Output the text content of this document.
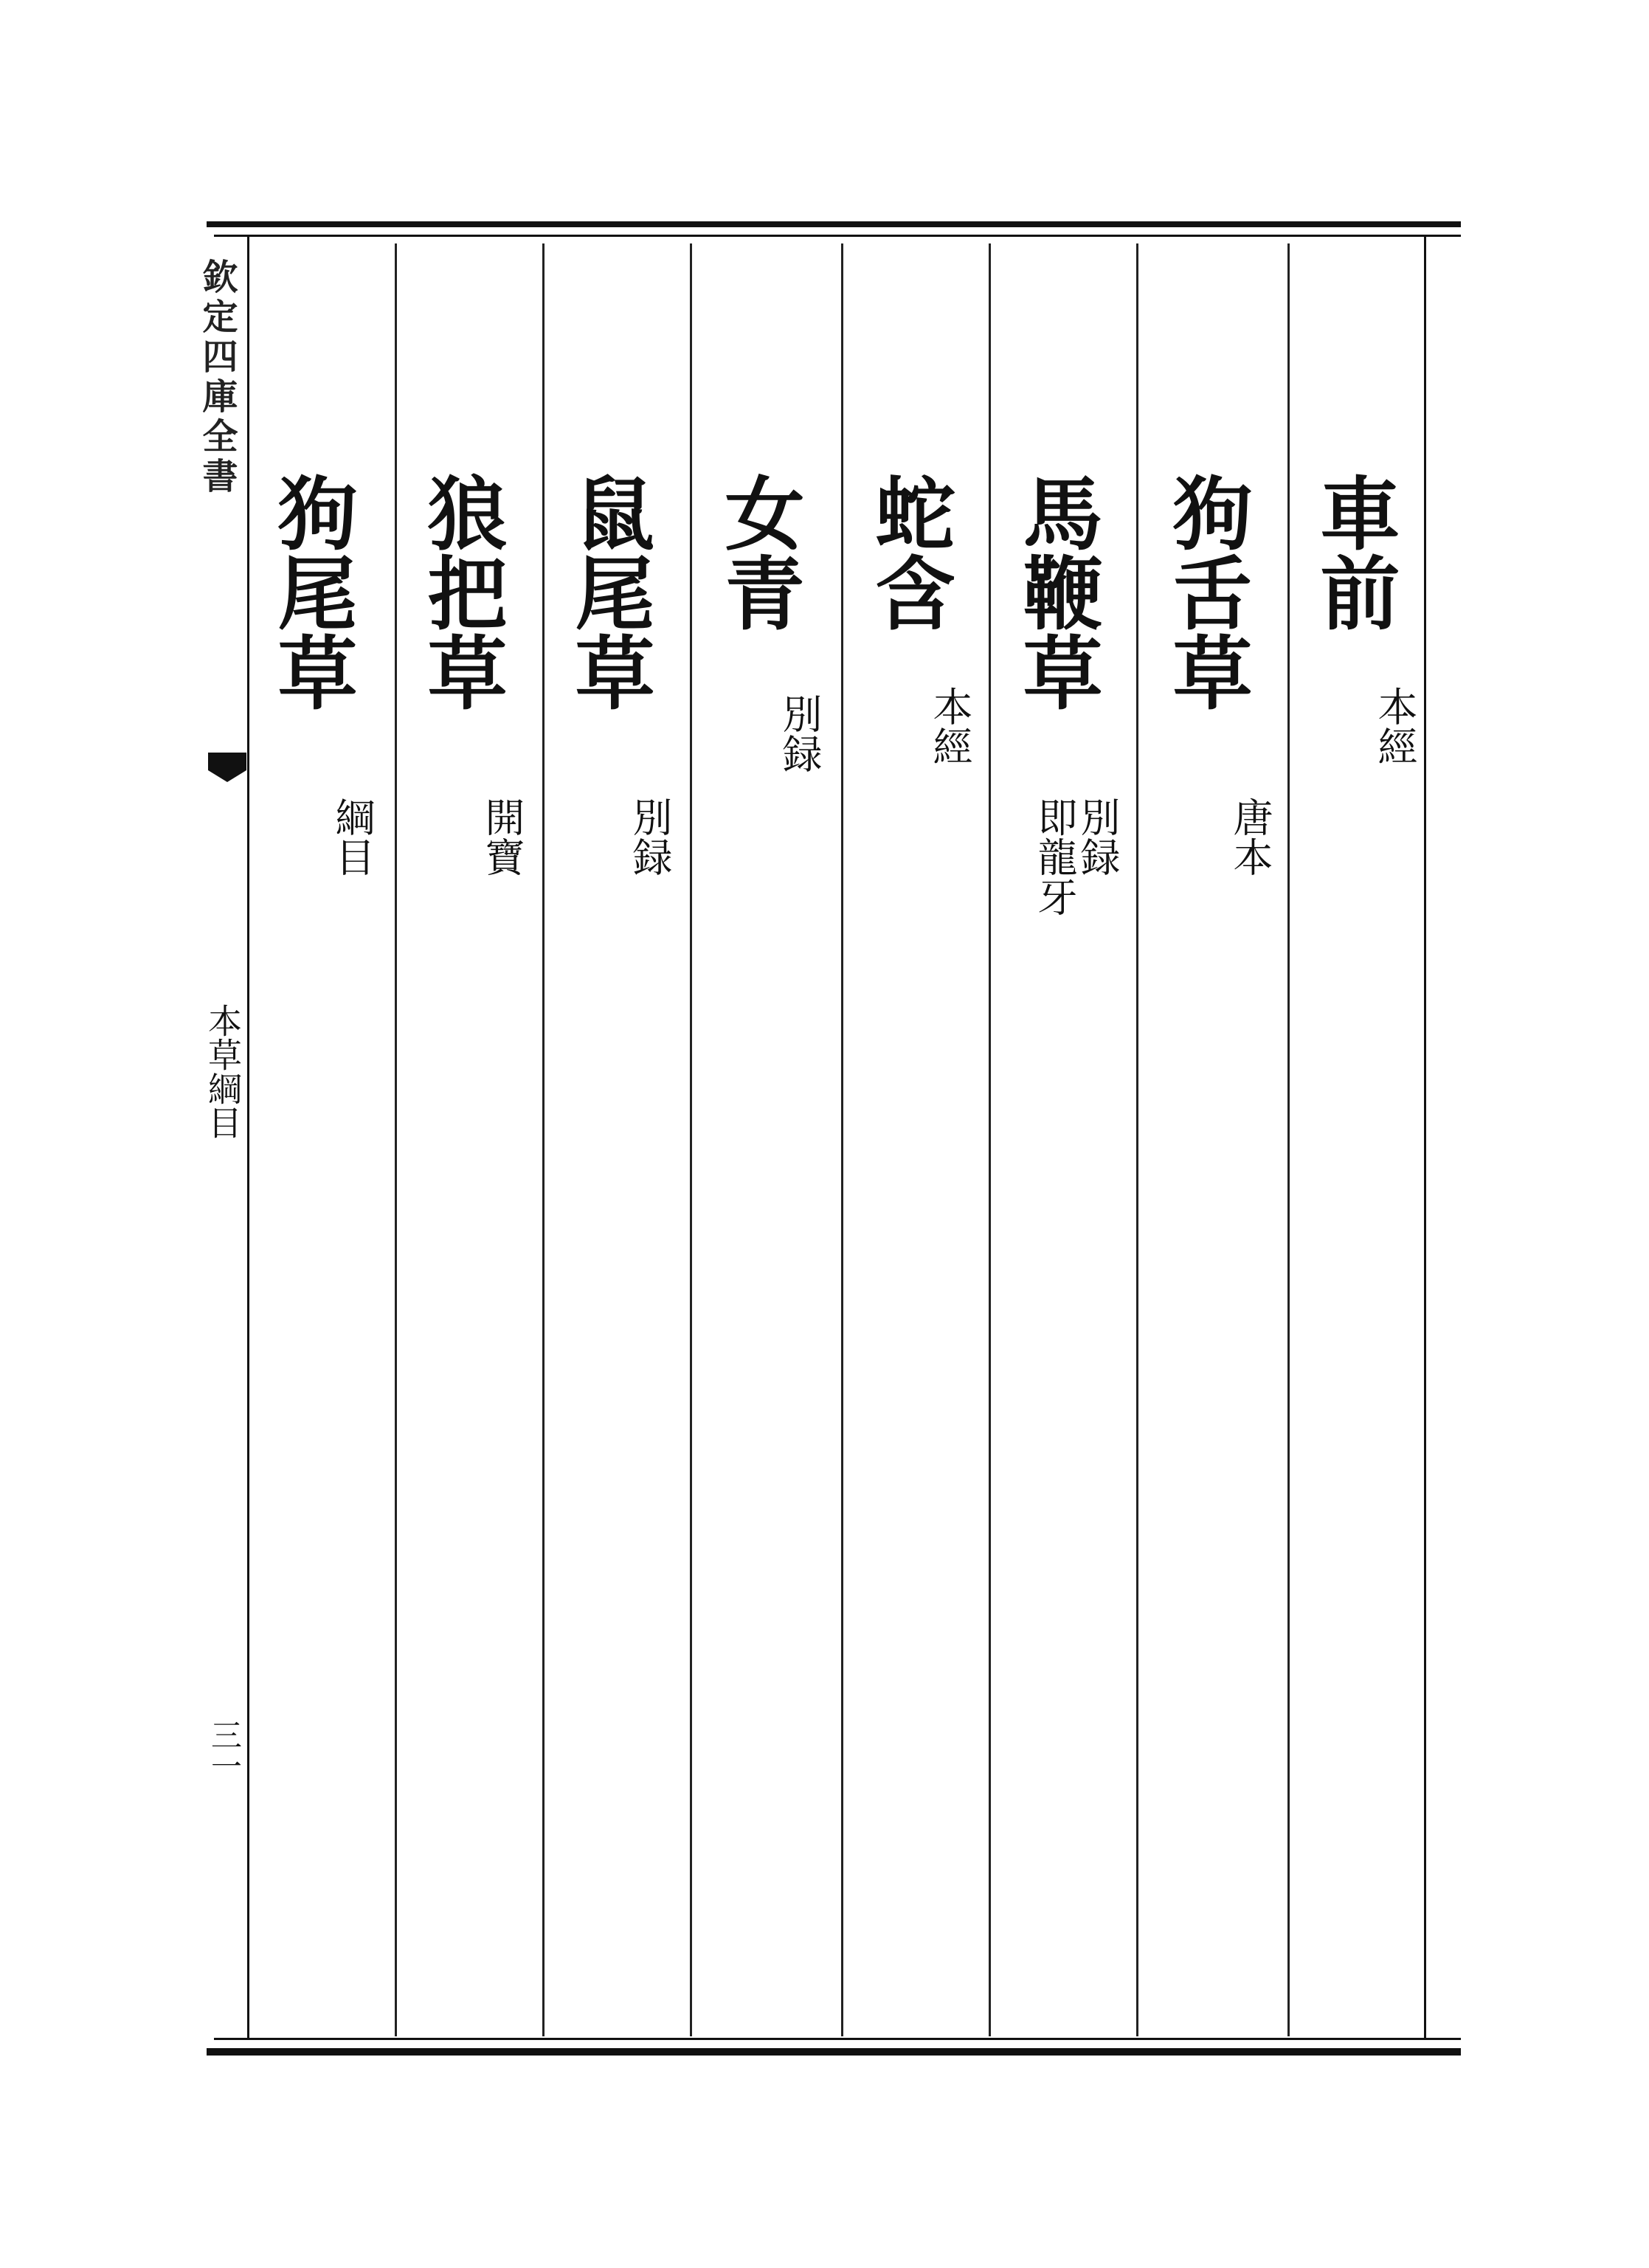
欽定四庫全書
本草綱目
三一
車前
本經
狗舌草
唐本
馬鞭草
別録
即龍牙
蛇含
本經
女青
別録
鼠尾草
別録
狼把草
開寶
狗尾草
綱目
